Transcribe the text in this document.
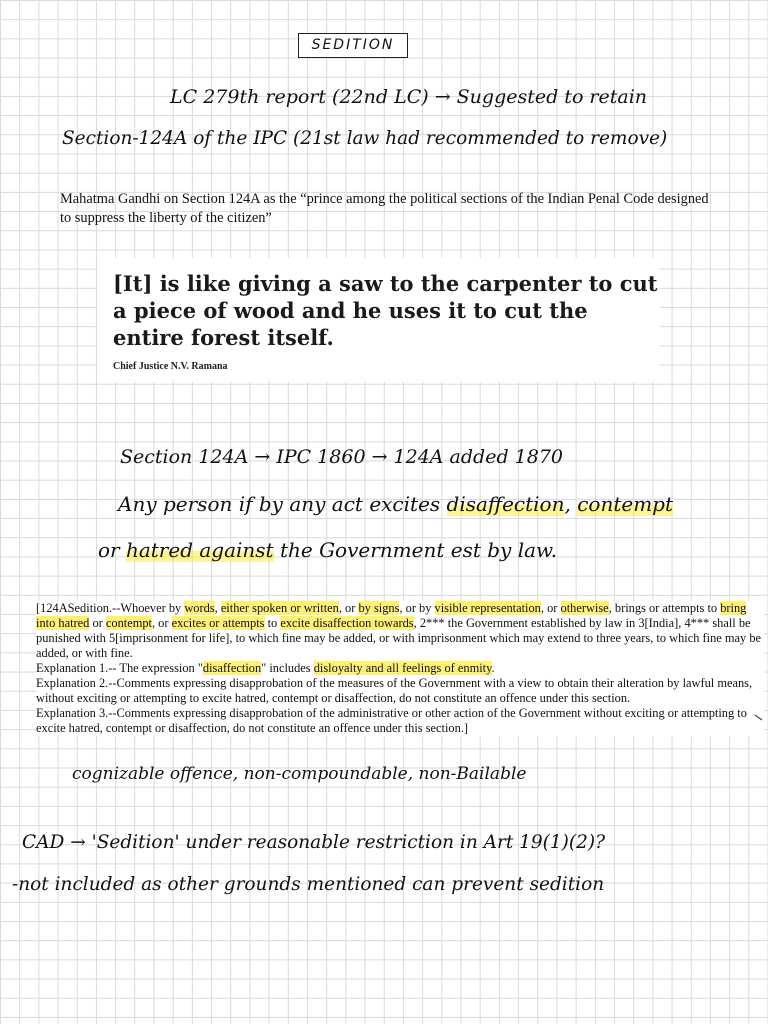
SEDITION
LC 279th report (22nd LC) → Suggested to retain
Section-124A of the IPC (21st law had recommended to remove)
Mahatma Gandhi on Section 124A as the “prince among the political sections of the Indian Penal Code designed to suppress the liberty of the citizen”
[It] is like giving a saw to the carpenter to cut a piece of wood and he uses it to cut the entire forest itself.
Chief Justice N.V. Ramana
Section 124A → IPC 1860 → 124A added 1870
Any person if by any act excites disaffection, contempt
or hatred against the Government est by law.
[124ASedition.--Whoever by words, either spoken or written, or by signs, or by visible representation, or otherwise, brings or attempts to bring into hatred or contempt, or excites or attempts to excite disaffection towards, 2*** the Government established by law in 3[India], 4*** shall be punished with 5[imprisonment for life], to which fine may be added, or with imprisonment which may extend to three years, to which fine may be added, or with fine.
Explanation 1.-- The expression "disaffection" includes disloyalty and all feelings of enmity.
Explanation 2.--Comments expressing disapprobation of the measures of the Government with a view to obtain their alteration by lawful means, without exciting or attempting to excite hatred, contempt or disaffection, do not constitute an offence under this section.
Explanation 3.--Comments expressing disapprobation of the administrative or other action of the Government without exciting or attempting to excite hatred, contempt or disaffection, do not constitute an offence under this section.]
cognizable offence, non-compoundable, non-Bailable
CAD → 'Sedition' under reasonable restriction in Art 19(1)(2)?
-not included as other grounds mentioned can prevent sedition
